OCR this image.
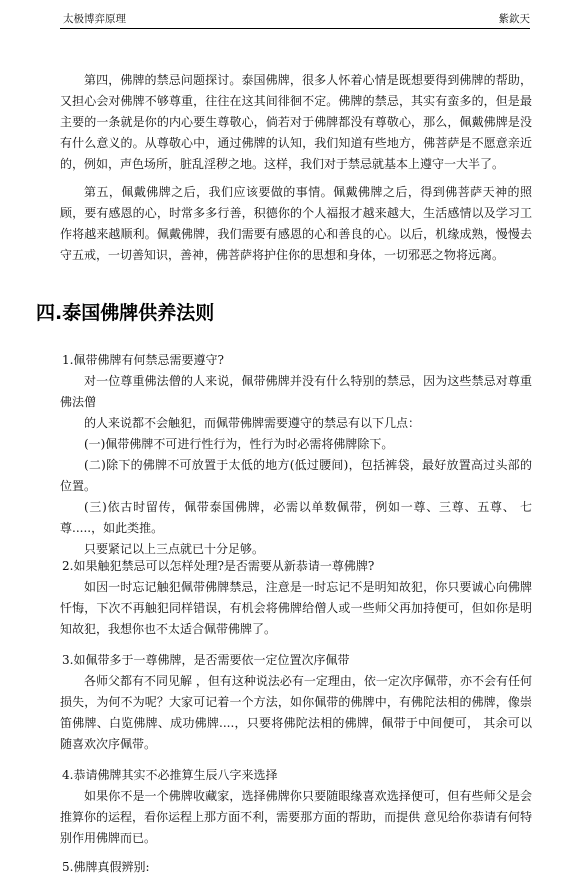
太极博弈原理	紫欽天

第四，佛牌的禁忌问题探讨。泰国佛牌，很多人怀着心情是既想要得到佛牌的帮助，又担心会对佛牌不够尊重，往往在这其间徘徊不定。佛牌的禁忌，其实有蛮多的，但是最主要的一条就是你的内心要生尊敬心，倘若对于佛牌都没有尊敬心，那么，佩戴佛牌是没有什么意义的。从尊敬心中，通过佛牌的认知，我们知道有些地方，佛菩萨是不愿意亲近的，例如，声色场所，脏乱淫秽之地。这样，我们对于禁忌就基本上遵守一大半了。

第五，佩戴佛牌之后，我们应该要做的事情。佩戴佛牌之后，得到佛菩萨天神的照顾，要有感恩的心，时常多多行善，积德你的个人福报才越来越大，生活感情以及学习工作将越来越顺利。佩戴佛牌，我们需要有感恩的心和善良的心。以后，机缘成熟，慢慢去守五戒，一切善知识，善神，佛菩萨将护住你的思想和身体，一切邪恶之物将远离。

四.泰国佛牌供养法则

1.佩带佛牌有何禁忌需要遵守?

对一位尊重佛法僧的人来说，佩带佛牌并没有什么特别的禁忌，因为这些禁忌对尊重佛法僧

的人来说都不会触犯，而佩带佛牌需要遵守的禁忌有以下几点：

(一)佩带佛牌不可进行性行为，性行为时必需将佛牌除下。

(二)除下的佛牌不可放置于太低的地方(低过腰间)，包括裤袋，最好放置高过头部的位置。

(三)依古时留传，佩带泰国佛牌，必需以单数佩带，例如一尊、三尊、五尊、 七尊.....，如此类推。

只要紧记以上三点就已十分足够。

2.如果触犯禁忌可以怎样处理?是否需要从新恭请一尊佛牌?

如因一时忘记触犯佩带佛牌禁忌，注意是一时忘记不是明知故犯，你只要诚心向佛牌忏悔，下次不再触犯同样错误，有机会将佛牌给僧人或一些师父再加持便可，但如你是明知故犯，我想你也不太适合佩带佛牌了。

3.如佩带多于一尊佛牌，是否需要依一定位置次序佩带

各师父都有不同见解 ，但有这种说法必有一定理由，依一定次序佩带，亦不会有任何损失，为何不为呢？大家可记着一个方法，如你佩带的佛牌中，有佛陀法相的佛牌，像崇笛佛牌、白览佛牌、成功佛牌....，只要将佛陀法相的佛牌，佩带于中间便可， 其余可以随喜欢次序佩带。

4.恭请佛牌其实不必推算生辰八字来选择

如果你不是一个佛牌收藏家，选择佛牌你只要随眼缘喜欢选择便可，但有些师父是会推算你的运程，看你运程上那方面不利，需要那方面的帮助，而提供 意见给你恭请有何特别作用佛牌而已。

5.佛牌真假辨别:
